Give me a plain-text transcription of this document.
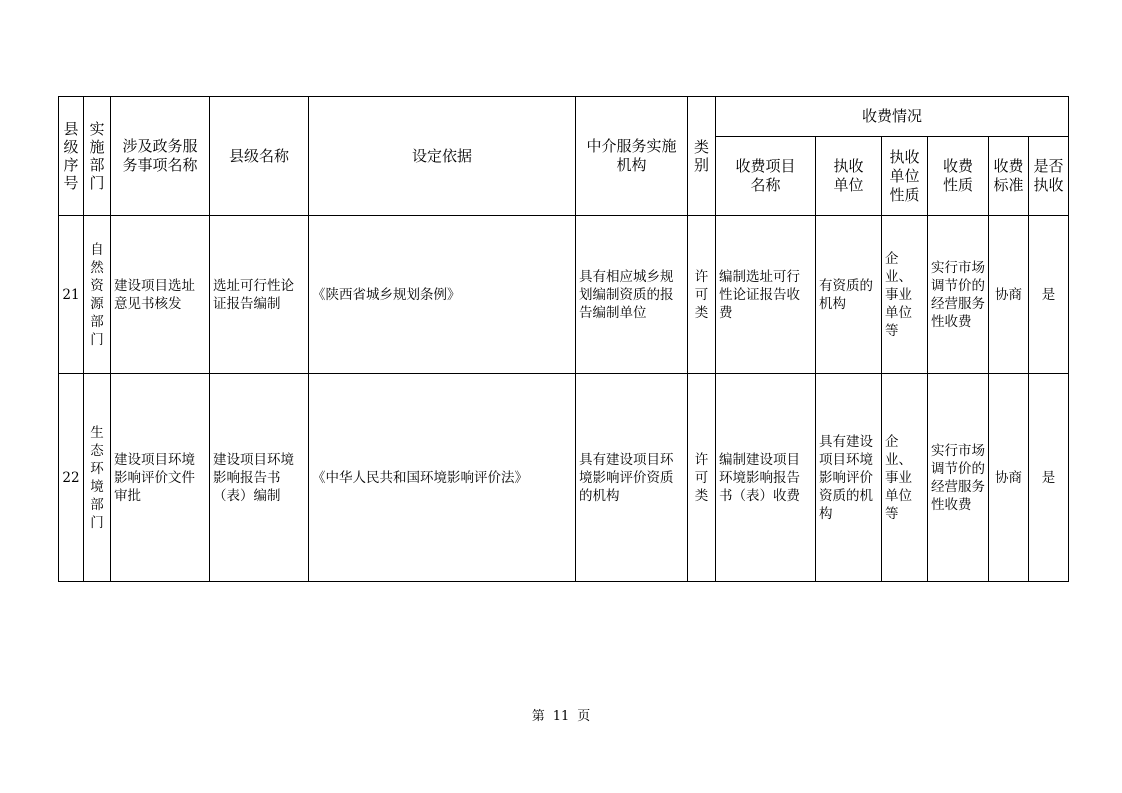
县级序号	实施部门	涉及政务服务事项名称	县级名称	设定依据	中介服务实施机构	类别	收费情况					
							收费项目名称	执收单位	执收单位性质	收费性质	收费标准	是否执收
21	自然资源部门	建设项目选址意见书核发	选址可行性论证报告编制	《陕西省城乡规划条例》	具有相应城乡规划编制资质的报告编制单位	许可类	编制选址可行性论证报告收费	有资质的机构	企业、事业单位等	实行市场调节价的经营服务性收费	协商	是
22	生态环境部门	建设项目环境影响评价文件审批	建设项目环境影响报告书（表）编制	《中华人民共和国环境影响评价法》	具有建设项目环境影响评价资质的机构	许可类	编制建设项目环境影响报告书（表）收费	具有建设项目环境影响评价资质的机构	企业、事业单位等	实行市场调节价的经营服务性收费	协商	是
第 11 页
